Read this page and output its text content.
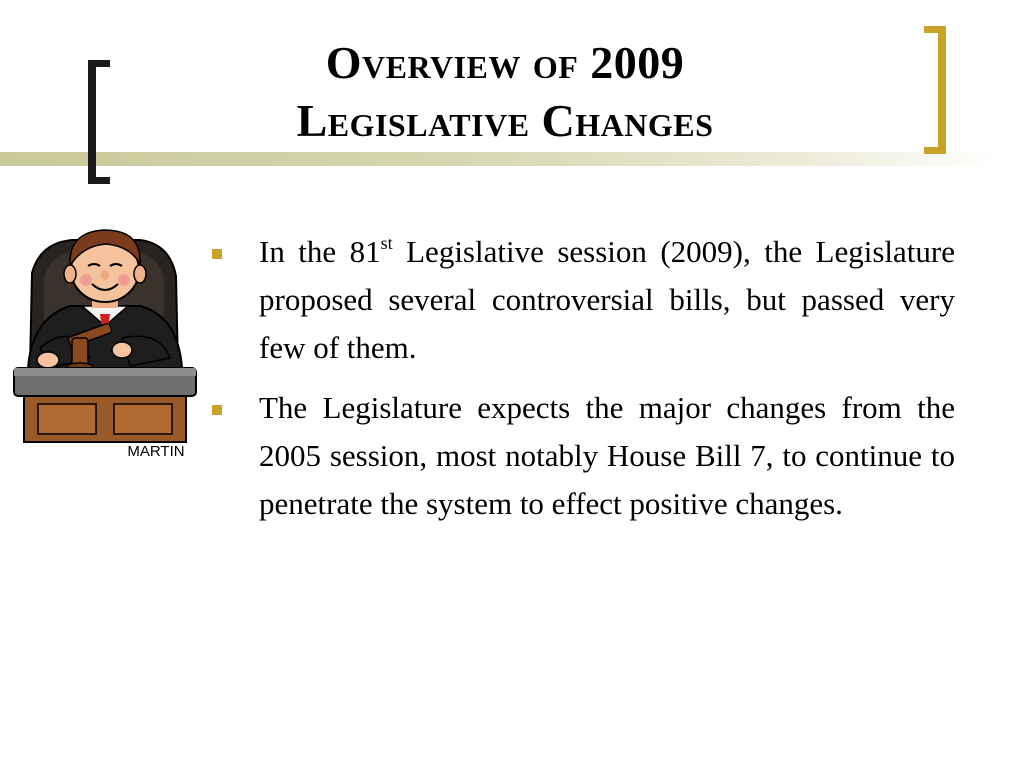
Overview of 2009
Legislative Changes
MARTIN
In the 81st Legislative session (2009), the Legislature proposed several controversial bills, but passed very few of them.
The Legislature expects the major changes from the 2005 session, most notably House Bill 7, to continue to penetrate the system to effect positive changes.
